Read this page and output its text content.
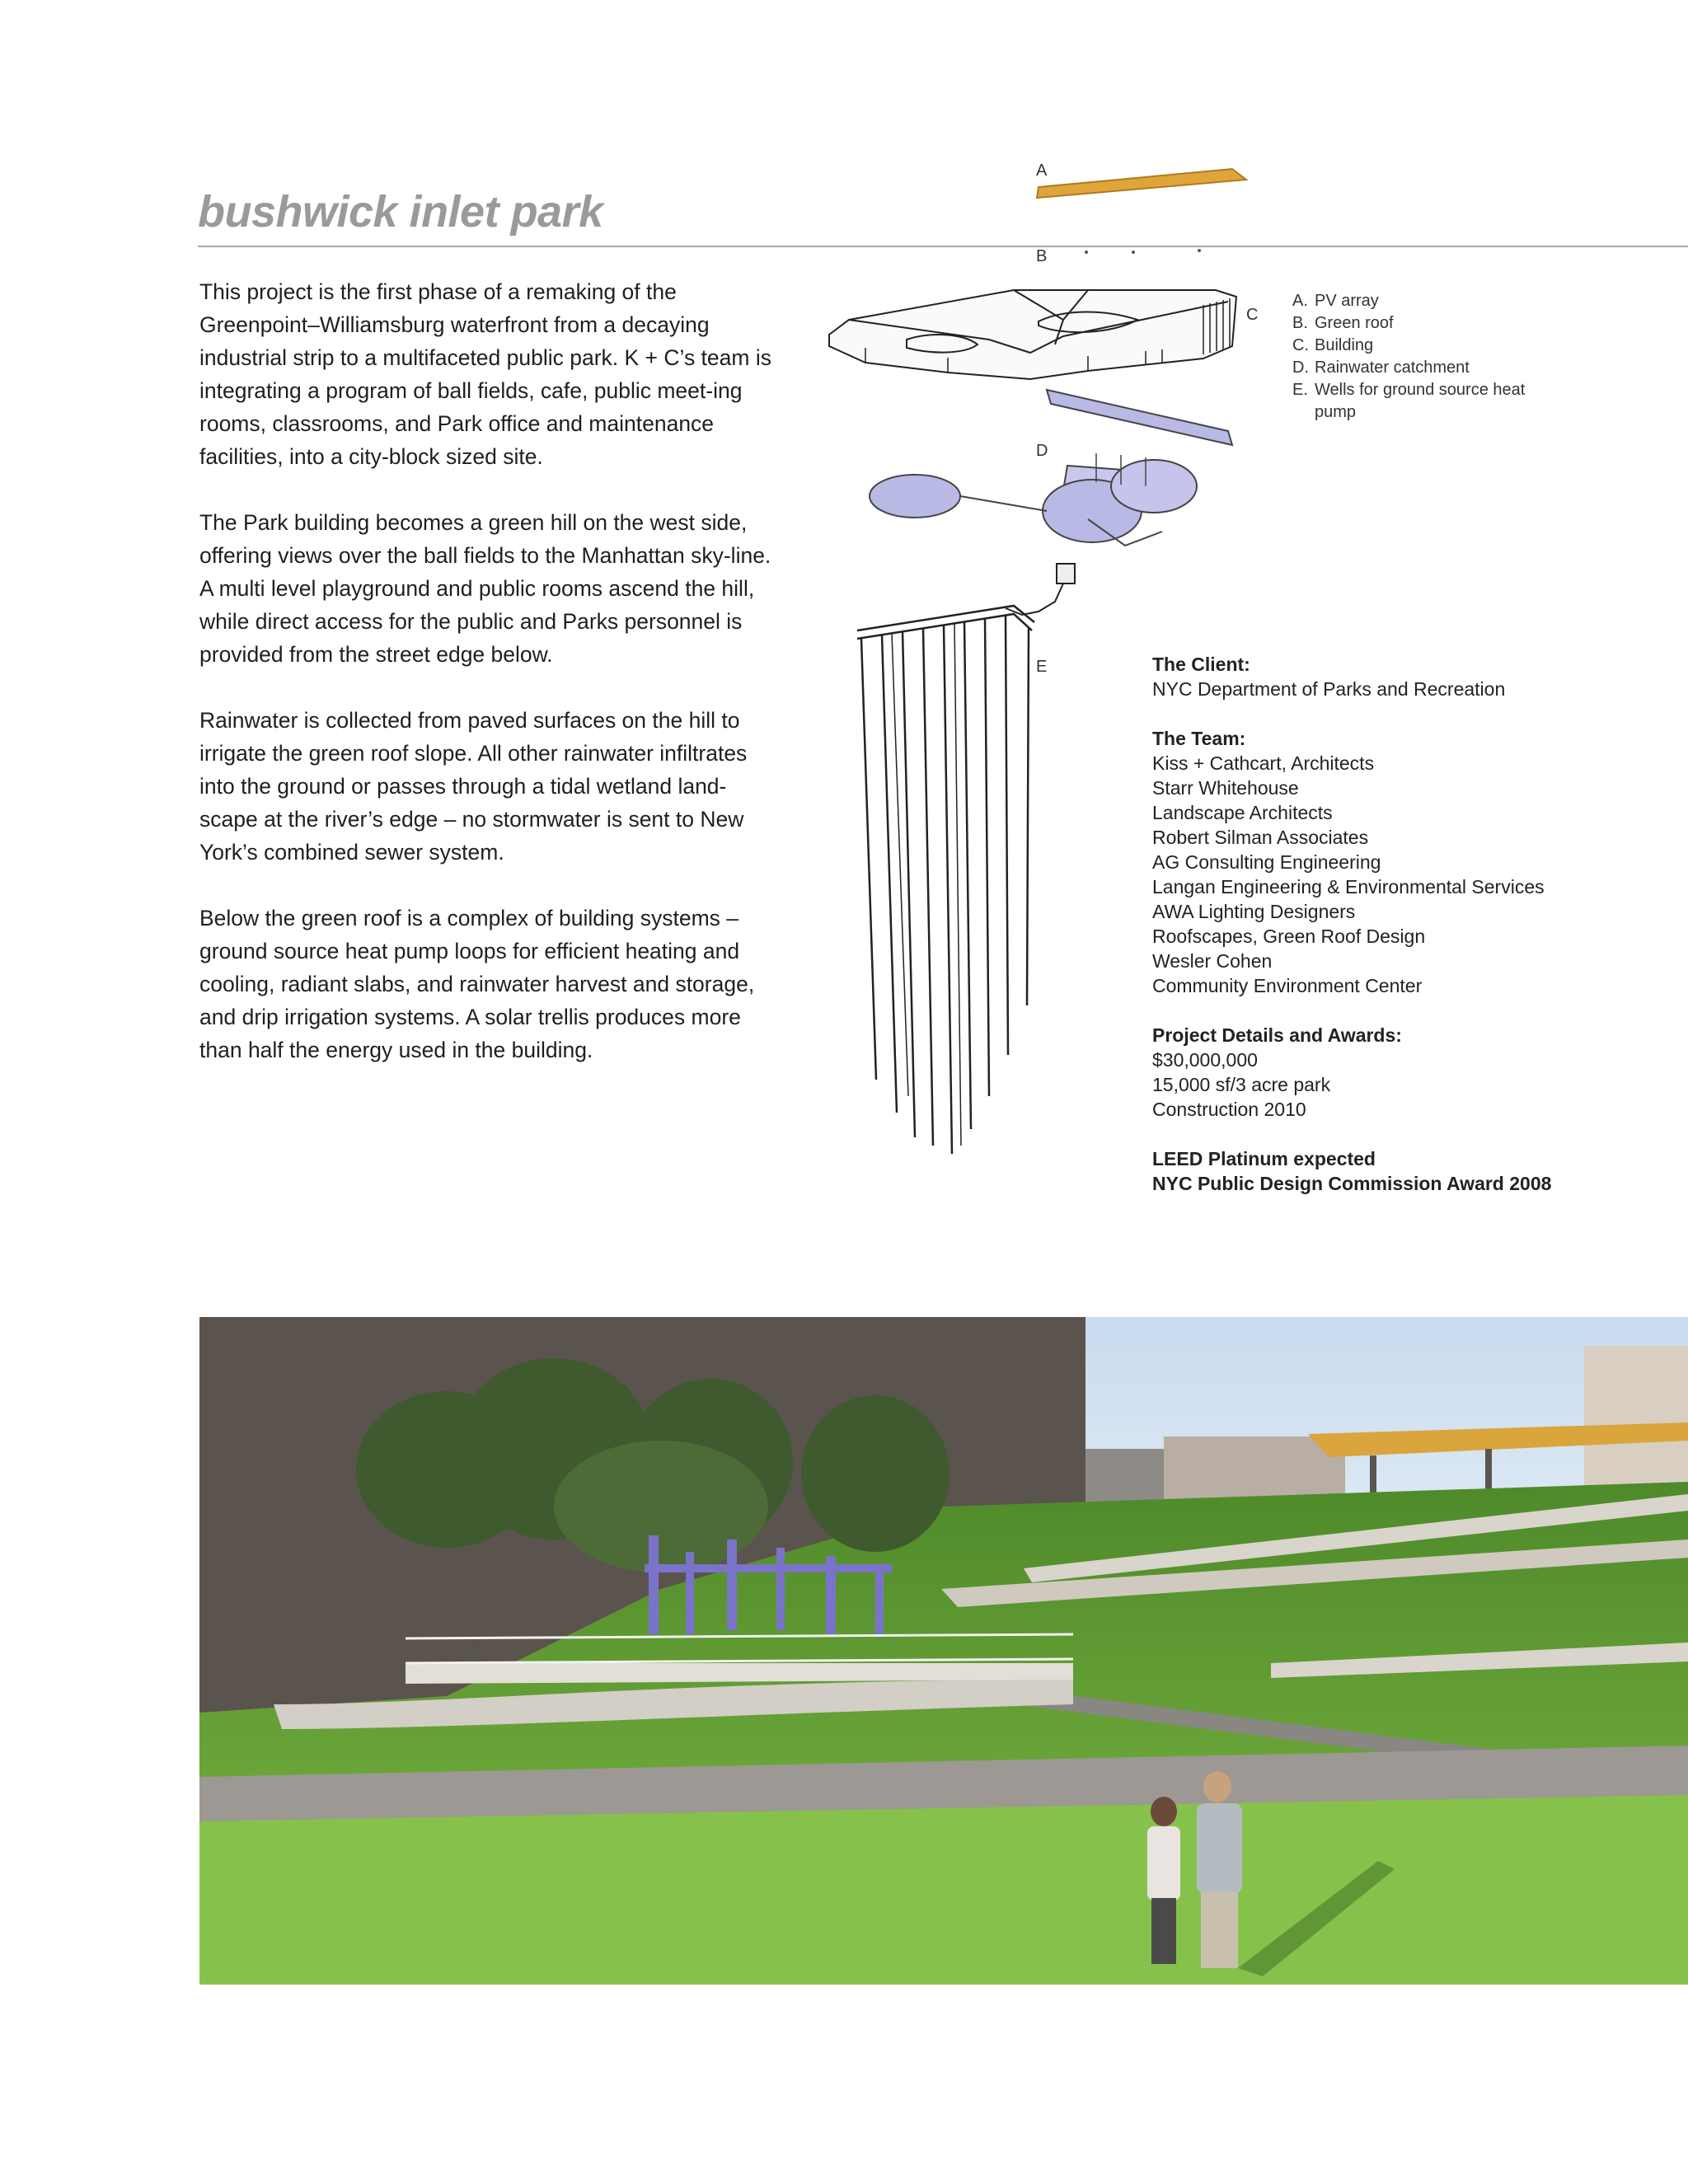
bushwick inlet park

This project is the first phase of a remaking of the Greenpoint–Williamsburg waterfront from a decaying industrial strip to a multifaceted public park. K + C’s team is integrating a program of ball fields, cafe, public meet-ing rooms, classrooms, and Park office and maintenance facilities, into a city-block sized site.

The Park building becomes a green hill on the west side, offering views over the ball fields to the Manhattan sky-line. A multi level playground and public rooms ascend the hill, while direct access for the public and Parks personnel is provided from the street edge below.

Rainwater is collected from paved surfaces on the hill to irrigate the green roof slope. All other rainwater infiltrates into the ground or passes through a tidal wetland land-scape at the river’s edge – no stormwater is sent to New York’s combined sewer system.

Below the green roof is a complex of building systems – ground source heat pump loops for efficient heating and cooling, radiant slabs, and rainwater harvest and storage, and drip irrigation systems. A solar trellis produces more than half the energy used in the building.

A
B
C
D
E
A. PV array
B. Green roof
C. Building
D. Rainwater catchment
E. Wells for ground source heat pump
The Client:
NYC Department of Parks and Recreation
The Team:
Kiss + Cathcart, Architects
Starr Whitehouse
Landscape Architects
Robert Silman Associates
AG Consulting Engineering
Langan Engineering & Environmental Services
AWA Lighting Designers
Roofscapes, Green Roof Design
Wesler Cohen
Community Environment Center
Project Details and Awards:
$30,000,000
15,000 sf/3 acre park
Construction 2010
LEED Platinum expected
NYC Public Design Commission Award 2008
